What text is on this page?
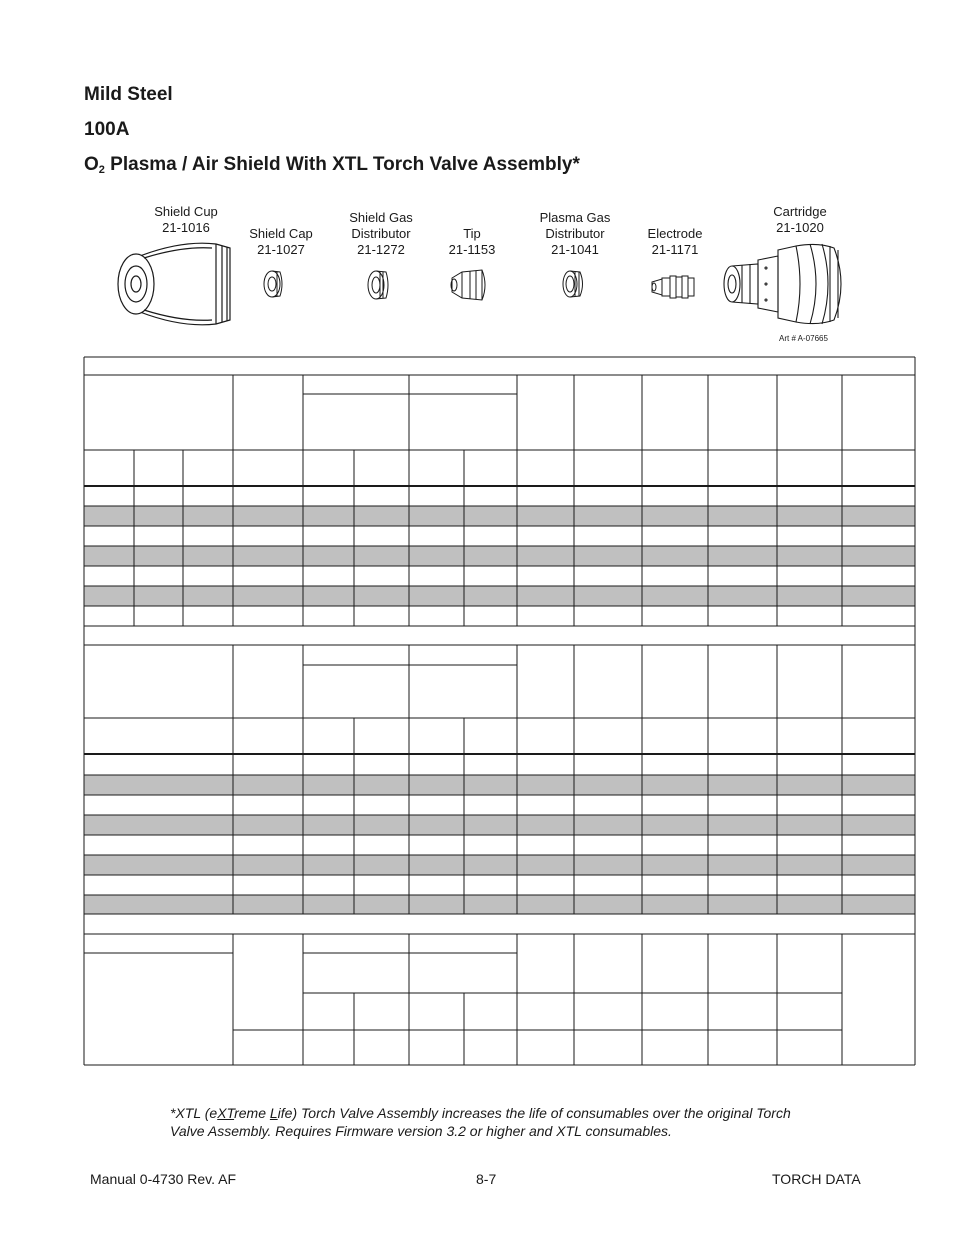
Mild Steel
100A
$O_2$ Plasma / Air Shield With XTL Torch Valve Assembly*
Shield Cup
21-1016	Shield Cap
21-1027
Shield Gas Distributor
21-1272
Tip
21-1153
Plasma Gas Distributor
21-1041
Electrode
21-1171
Cartridge
21-1020
Art # A-07665
*XTL (eXTreme Life) Torch Valve Assembly increases the life of consumables over the original Torch Valve Assembly. Requires Firmware version 3.2 or higher and XTL consumables.
Manual 0-4730 Rev. AF	8-7	TORCH DATA
